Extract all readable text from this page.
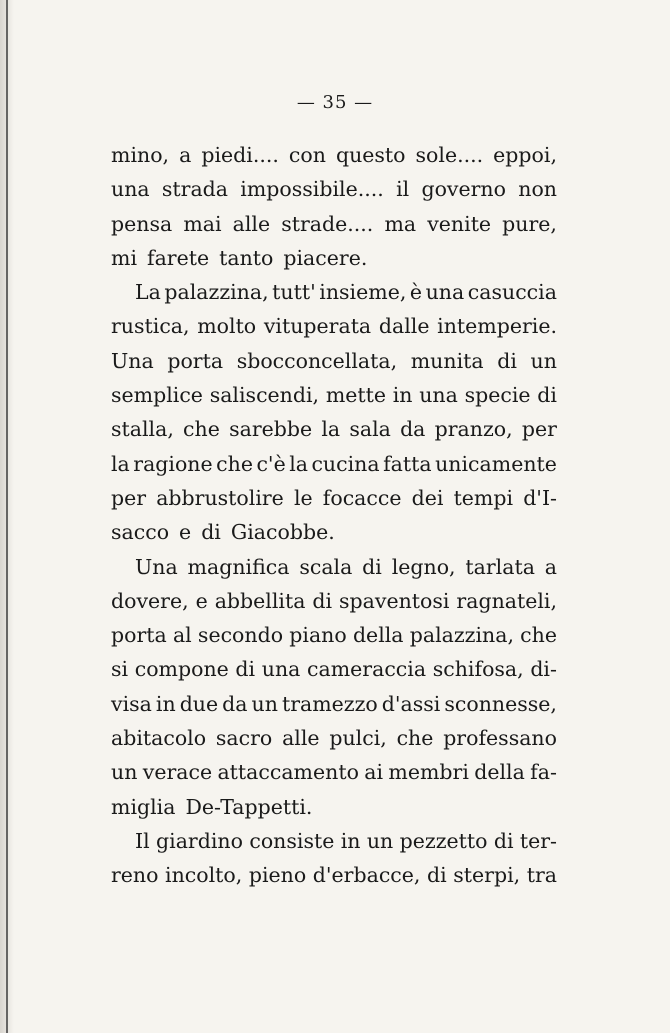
— 35 —
mino, a piedi.... con questo sole.... eppoi,
una strada impossibile.... il governo non
pensa mai alle strade.... ma venite pure,
mi farete tanto piacere.
La palazzina, tutt' insieme, è una casuccia
rustica, molto vituperata dalle intemperie.
Una porta sbocconcellata, munita di un
semplice saliscendi, mette in una specie di
stalla, che sarebbe la sala da pranzo, per
la ragione che c'è la cucina fatta unicamente
per abbrustolire le focacce dei tempi d'I-
sacco e di Giacobbe.
Una magnifica scala di legno, tarlata a
dovere, e abbellita di spaventosi ragnateli,
porta al secondo piano della palazzina, che
si compone di una cameraccia schifosa, di-
visa in due da un tramezzo d'assi sconnesse,
abitacolo sacro alle pulci, che professano
un verace attaccamento ai membri della fa-
miglia De-Tappetti.
Il giardino consiste in un pezzetto di ter-
reno incolto, pieno d'erbacce, di sterpi, tra
